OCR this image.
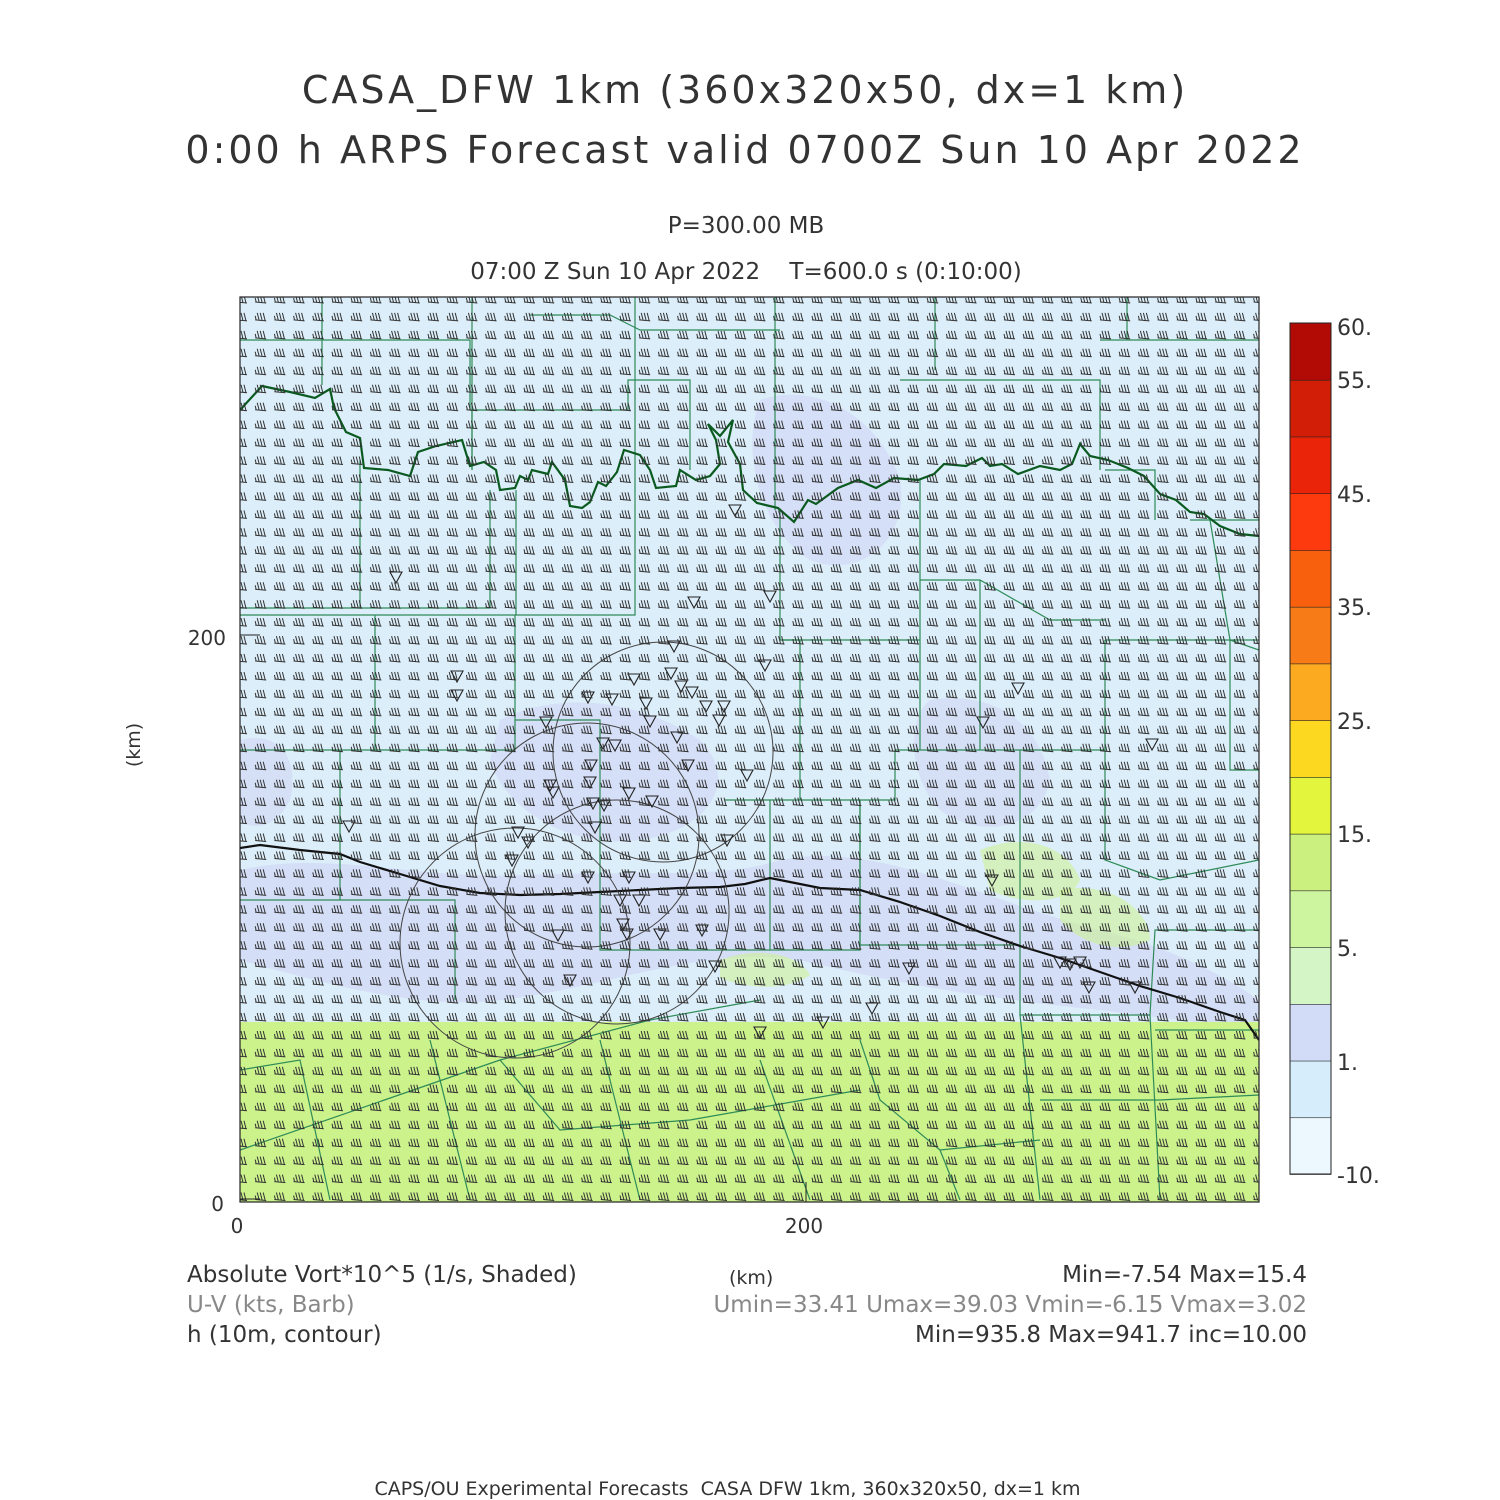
CASA_DFW 1km (360x320x50, dx=1 km)
0:00 h ARPS Forecast valid 0700Z Sun 10 Apr 2022
P=300.00 MB
07:00 Z Sun 10 Apr 2022    T=600.0 s (0:10:00)
200
0
(km)
0	200
60.
55.
45.
35.
25.
15.
5.
1.
-10.
(km)
Absolute Vort*10^5 (1/s, Shaded)	Min=-7.54 Max=15.4
U-V (kts, Barb)	Umin=33.41 Umax=39.03 Vmin=-6.15 Vmax=3.02
h (10m, contour)	Min=935.8 Max=941.7 inc=10.00
CAPS/OU Experimental Forecasts  CASA DFW 1km, 360x320x50, dx=1 km
